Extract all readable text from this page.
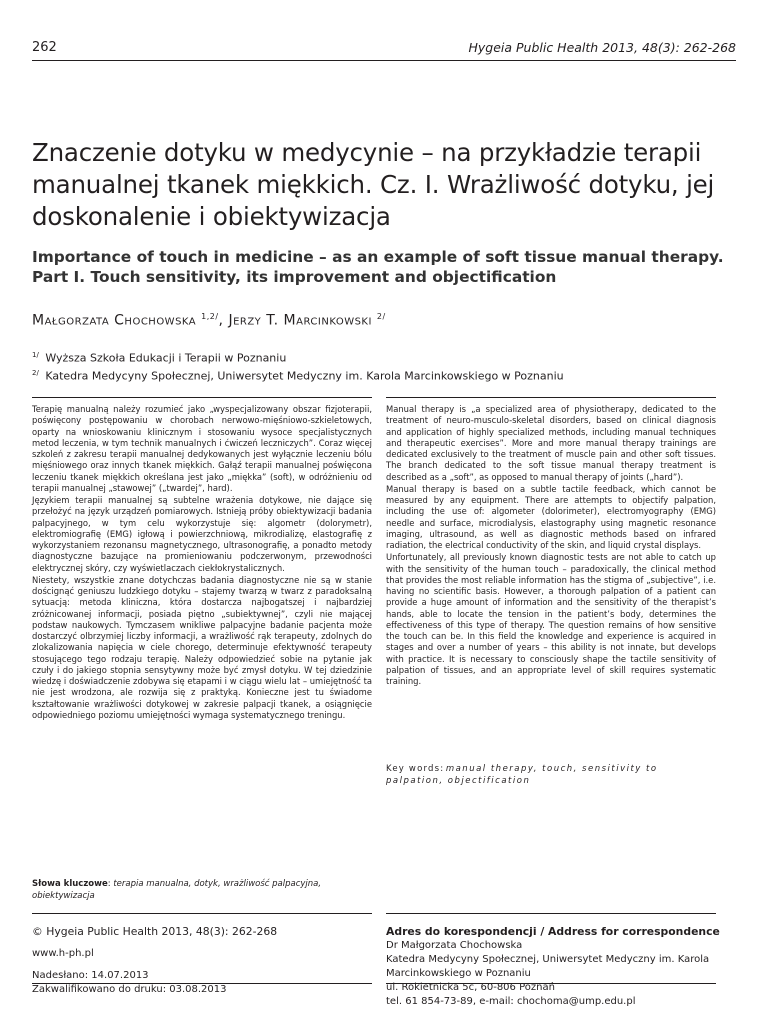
262	Hygeia Public Health 2013, 48(3): 262-268
Znaczenie dotyku w medycynie – na przykładzie terapii
manualnej tkanek miękkich. Cz. I. Wrażliwość dotyku, jej
doskonalenie i obiektywizacja
Importance of touch in medicine – as an example of soft tissue manual therapy.
Part I. Touch sensitivity, its improvement and objectification
Małgorzata Chochowska $^{1,2/}$, Jerzy T. Marcinkowski $^{2/}$
$^{1/}$ Wyższa Szkoła Edukacji i Terapii w Poznaniu
$^{2/}$ Katedra Medycyny Społecznej, Uniwersytet Medyczny im. Karola Marcinkowskiego w Poznaniu

Terapię manualną należy rozumieć jako „wyspecjalizowany obszar fizjoterapii, poświęcony postępowaniu w chorobach nerwowo-mięśniowo-szkieletowych, oparty na wnioskowaniu klinicznym i stosowaniu wysoce specjalistycznych metod leczenia, w tym technik manualnych i ćwiczeń leczniczych”. Coraz więcej szkoleń z zakresu terapii manualnej dedykowanych jest wyłącznie leczeniu bólu mięśniowego oraz innych tkanek miękkich. Gałąź terapii manualnej poświęcona leczeniu tkanek miękkich określana jest jako „miękka” (soft), w odróżnieniu od terapii manualnej „stawowej” („twardej”, hard).

Językiem terapii manualnej są subtelne wrażenia dotykowe, nie dające się przełożyć na język urządzeń pomiarowych. Istnieją próby obiektywizacji badania palpacyjnego, w tym celu wykorzystuje się: algometr (dolorymetr), elektromiografię (EMG) igłową i powierzchniową, mikrodializę, elastografię z wykorzystaniem rezonansu magnetycznego, ultrasonografię, a ponadto metody diagnostyczne bazujące na promieniowaniu podczerwonym, przewodności elektrycznej skóry, czy wyświetlaczach ciekłokrystalicznych.

Niestety, wszystkie znane dotychczas badania diagnostyczne nie są w stanie doścignąć geniuszu ludzkiego dotyku – stajemy twarzą w twarz z paradoksalną sytuacją: metoda kliniczna, która dostarcza najbogatszej i najbardziej zróżnicowanej informacji, posiada piętno „subiektywnej”, czyli nie mającej podstaw naukowych. Tymczasem wnikliwe palpacyjne badanie pacjenta może dostarczyć olbrzymiej liczby informacji, a wrażliwość rąk terapeuty, zdolnych do zlokalizowania napięcia w ciele chorego, determinuje efektywność terapeuty stosującego tego rodzaju terapię. Należy odpowiedzieć sobie na pytanie jak czuły i do jakiego stopnia sensytywny może być zmysł dotyku. W tej dziedzinie wiedzę i doświadczenie zdobywa się etapami i w ciągu wielu lat – umiejętność ta nie jest wrodzona, ale rozwija się z praktyką. Konieczne jest tu świadome kształtowanie wrażliwości dotykowej w zakresie palpacji tkanek, a osiągnięcie odpowiedniego poziomu umiejętności wymaga systematycznego treningu.

Manual therapy is „a specialized area of physiotherapy, dedicated to the treatment of neuro-musculo-skeletal disorders, based on clinical diagnosis and application of highly specialized methods, including manual techniques and therapeutic exercises”. More and more manual therapy trainings are dedicated exclusively to the treatment of muscle pain and other soft tissues. The branch dedicated to the soft tissue manual therapy treatment is described as a „soft”, as opposed to manual therapy of joints („hard”).

Manual therapy is based on a subtle tactile feedback, which cannot be measured by any equipment. There are attempts to objectify palpation, including the use of: algometer (dolorimeter), electromyography (EMG) needle and surface, microdialysis, elastography using magnetic resonance imaging, ultrasound, as well as diagnostic methods based on infrared radiation, the electrical conductivity of the skin, and liquid crystal displays.

Unfortunately, all previously known diagnostic tests are not able to catch up with the sensitivity of the human touch – paradoxically, the clinical method that provides the most reliable information has the stigma of „subjective”, i.e. having no scientific basis. However, a thorough palpation of a patient can provide a huge amount of information and the sensitivity of the therapist’s hands, able to locate the tension in the patient’s body, determines the effectiveness of this type of therapy. The question remains of how sensitive the touch can be. In this field the knowledge and experience is acquired in stages and over a number of years – this ability is not innate, but develops with practice. It is necessary to consciously shape the tactile sensitivity of palpation of tissues, and an appropriate level of skill requires systematic training.

Key words: manual therapy, touch, sensitivity to palpation, objectification
Słowa kluczowe: terapia manualna, dotyk, wrażliwość palpacyjna, obiektywizacja
© Hygeia Public Health 2013, 48(3): 262-268
www.h-ph.pl
Nadesłano: 14.07.2013
Zakwalifikowano do druku: 03.08.2013
Adres do korespondencji / Address for correspondence
Dr Małgorzata Chochowska
Katedra Medycyny Społecznej, Uniwersytet Medyczny im. Karola
Marcinkowskiego w Poznaniu
ul. Rokietnicka 5c, 60-806 Poznań
tel. 61 854-73-89, e-mail: chochoma@ump.edu.pl
